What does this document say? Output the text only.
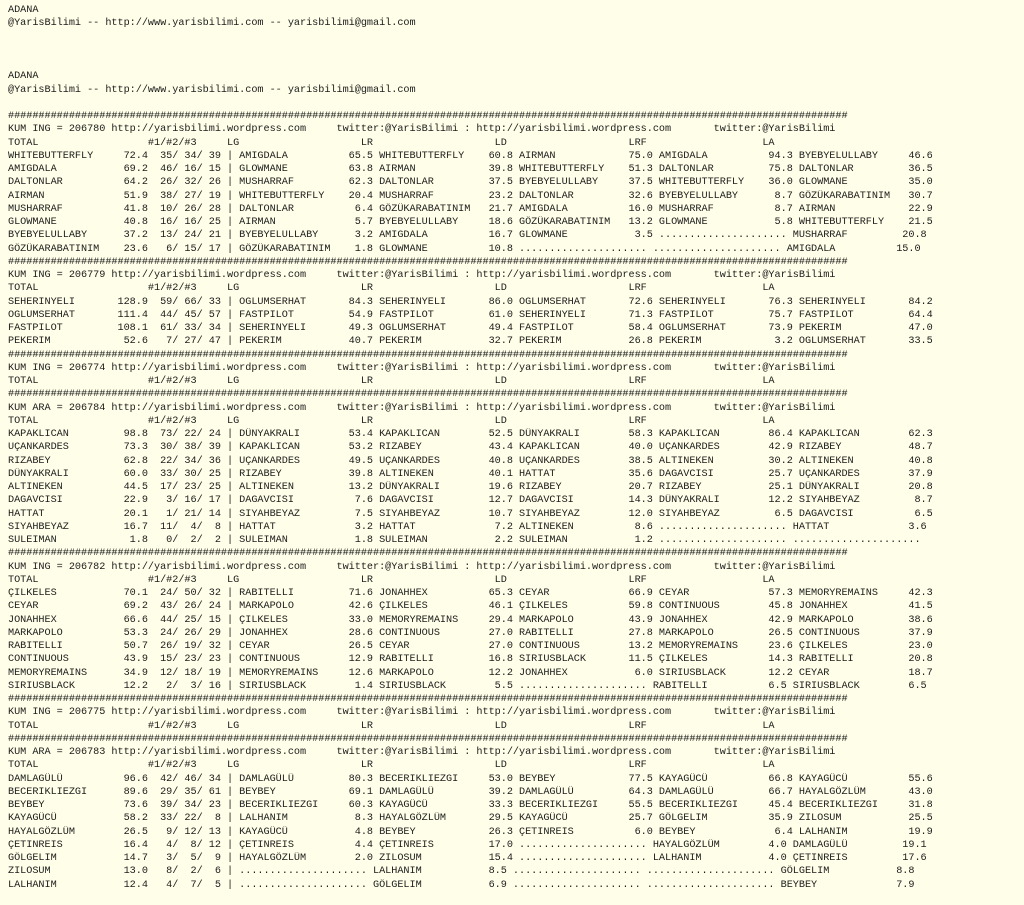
ADANA
@YarisBilimi -- http://www.yarisbilimi.com -- yarisbilimi@gmail.com
ADANA
@YarisBilimi -- http://www.yarisbilimi.com -- yarisbilimi@gmail.com
##########################################################################################################################################
KUM ING = 206780 http://yarisbilimi.wordpress.com     twitter:@YarisBilimi : http://yarisbilimi.wordpress.com       twitter:@YarisBilimi
TOTAL                  #1/#2/#3     LG                    LR                    LD                    LRF                   LA
WHITEBUTTERFLY     72.4  35/ 34/ 39 | AMIGDALA          65.5 WHITEBUTTERFLY    60.8 AIRMAN            75.0 AMIGDALA          94.3 BYEBYELULLABY     46.6
AMIGDALA           69.2  46/ 16/ 15 | GLOWMANE          63.8 AIRMAN            39.8 WHITEBUTTERFLY    51.3 DALTONLAR         75.8 DALTONLAR         36.5
DALTONLAR          64.2  26/ 32/ 26 | MUSHARRAF         62.3 DALTONLAR         37.5 BYEBYELULLABY     37.5 WHITEBUTTERFLY    36.0 GLOWMANE          35.0
AIRMAN             51.9  38/ 27/ 19 | WHITEBUTTERFLY    20.4 MUSHARRAF         23.2 DALTONLAR         32.6 BYEBYELULLABY      8.7 GÖZÜKARABATINIM   30.7
MUSHARRAF          41.8  10/ 26/ 28 | DALTONLAR          6.4 GÖZÜKARABATINIM   21.7 AMIGDALA          16.0 MUSHARRAF          8.7 AIRMAN            22.9
GLOWMANE           40.8  16/ 16/ 25 | AIRMAN             5.7 BYEBYELULLABY     18.6 GÖZÜKARABATINIM   13.2 GLOWMANE           5.8 WHITEBUTTERFLY    21.5
BYEBYELULLABY      37.2  13/ 24/ 21 | BYEBYELULLABY      3.2 AMIGDALA          16.7 GLOWMANE           3.5 ..................... MUSHARRAF         20.8
GÖZÜKARABATINIM    23.6   6/ 15/ 17 | GÖZÜKARABATINIM    1.8 GLOWMANE          10.8 ..................... ..................... AMIGDALA          15.0
##########################################################################################################################################
KUM ING = 206779 http://yarisbilimi.wordpress.com     twitter:@YarisBilimi : http://yarisbilimi.wordpress.com       twitter:@YarisBilimi
TOTAL                  #1/#2/#3     LG                    LR                    LD                    LRF                   LA
SEHERINYELI       128.9  59/ 66/ 33 | OGLUMSERHAT       84.3 SEHERINYELI       86.0 OGLUMSERHAT       72.6 SEHERINYELI       76.3 SEHERINYELI       84.2
OGLUMSERHAT       111.4  44/ 45/ 57 | FASTPILOT         54.9 FASTPILOT         61.0 SEHERINYELI       71.3 FASTPILOT         75.7 FASTPILOT         64.4
FASTPILOT         108.1  61/ 33/ 34 | SEHERINYELI       49.3 OGLUMSERHAT       49.4 FASTPILOT         58.4 OGLUMSERHAT       73.9 PEKERIM           47.0
PEKERIM            52.6   7/ 27/ 47 | PEKERIM           40.7 PEKERIM           32.7 PEKERIM           26.8 PEKERIM            3.2 OGLUMSERHAT       33.5
##########################################################################################################################################
KUM ING = 206774 http://yarisbilimi.wordpress.com     twitter:@YarisBilimi : http://yarisbilimi.wordpress.com       twitter:@YarisBilimi
TOTAL                  #1/#2/#3     LG                    LR                    LD                    LRF                   LA
##########################################################################################################################################
KUM ARA = 206784 http://yarisbilimi.wordpress.com     twitter:@YarisBilimi : http://yarisbilimi.wordpress.com       twitter:@YarisBilimi
TOTAL                  #1/#2/#3     LG                    LR                    LD                    LRF                   LA
KAPAKLICAN         98.8  73/ 22/ 24 | DÜNYAKRALI        53.4 KAPAKLICAN        52.5 DÜNYAKRALI        58.3 KAPAKLICAN        86.4 KAPAKLICAN        62.3
UÇANKARDES         73.3  30/ 38/ 39 | KAPAKLICAN        53.2 RIZABEY           43.4 KAPAKLICAN        40.0 UÇANKARDES        42.9 RIZABEY           48.7
RIZABEY            62.8  22/ 34/ 36 | UÇANKARDES        49.5 UÇANKARDES        40.8 UÇANKARDES        38.5 ALTINEKEN         30.2 ALTINEKEN         40.8
DÜNYAKRALI         60.0  33/ 30/ 25 | RIZABEY           39.8 ALTINEKEN         40.1 HATTAT            35.6 DAGAVCISI         25.7 UÇANKARDES        37.9
ALTINEKEN          44.5  17/ 23/ 25 | ALTINEKEN         13.2 DÜNYAKRALI        19.6 RIZABEY           20.7 RIZABEY           25.1 DÜNYAKRALI        20.8
DAGAVCISI          22.9   3/ 16/ 17 | DAGAVCISI          7.6 DAGAVCISI         12.7 DAGAVCISI         14.3 DÜNYAKRALI        12.2 SIYAHBEYAZ         8.7
HATTAT             20.1   1/ 21/ 14 | SIYAHBEYAZ         7.5 SIYAHBEYAZ        10.7 SIYAHBEYAZ        12.0 SIYAHBEYAZ         6.5 DAGAVCISI          6.5
SIYAHBEYAZ         16.7  11/  4/  8 | HATTAT             3.2 HATTAT             7.2 ALTINEKEN          8.6 ..................... HATTAT             3.6
SULEIMAN            1.8   0/  2/  2 | SULEIMAN           1.8 SULEIMAN           2.2 SULEIMAN           1.2 ..................... .....................
##########################################################################################################################################
KUM ING = 206782 http://yarisbilimi.wordpress.com     twitter:@YarisBilimi : http://yarisbilimi.wordpress.com       twitter:@YarisBilimi
TOTAL                  #1/#2/#3     LG                    LR                    LD                    LRF                   LA
ÇILKELES           70.1  24/ 50/ 32 | RABITELLI         71.6 JONAHHEX          65.3 CEYAR             66.9 CEYAR             57.3 MEMORYREMAINS     42.3
CEYAR              69.2  43/ 26/ 24 | MARKAPOLO         42.6 ÇILKELES          46.1 ÇILKELES          59.8 CONTINUOUS        45.8 JONAHHEX          41.5
JONAHHEX           66.6  44/ 25/ 15 | ÇILKELES          33.0 MEMORYREMAINS     29.4 MARKAPOLO         43.9 JONAHHEX          42.9 MARKAPOLO         38.6
MARKAPOLO          53.3  24/ 26/ 29 | JONAHHEX          28.6 CONTINUOUS        27.0 RABITELLI         27.8 MARKAPOLO         26.5 CONTINUOUS        37.9
RABITELLI          50.7  26/ 19/ 32 | CEYAR             26.5 CEYAR             27.0 CONTINUOUS        13.2 MEMORYREMAINS     23.6 ÇILKELES          23.0
CONTINUOUS         43.9  15/ 23/ 23 | CONTINUOUS        12.9 RABITELLI         16.8 SIRIUSBLACK       11.5 ÇILKELES          14.3 RABITELLI         20.8
MEMORYREMAINS      34.9  12/ 18/ 19 | MEMORYREMAINS     12.6 MARKAPOLO         12.2 JONAHHEX           6.0 SIRIUSBLACK       12.2 CEYAR             18.7
SIRIUSBLACK        12.2   2/  3/ 16 | SIRIUSBLACK        1.4 SIRIUSBLACK        5.5 ..................... RABITELLI          6.5 SIRIUSBLACK        6.5
##########################################################################################################################################
KUM ING = 206775 http://yarisbilimi.wordpress.com     twitter:@YarisBilimi : http://yarisbilimi.wordpress.com       twitter:@YarisBilimi
TOTAL                  #1/#2/#3     LG                    LR                    LD                    LRF                   LA
##########################################################################################################################################
KUM ARA = 206783 http://yarisbilimi.wordpress.com     twitter:@YarisBilimi : http://yarisbilimi.wordpress.com       twitter:@YarisBilimi
TOTAL                  #1/#2/#3     LG                    LR                    LD                    LRF                   LA
DAMLAGÜLÜ          96.6  42/ 46/ 34 | DAMLAGÜLÜ         80.3 BECERIKLIEZGI     53.0 BEYBEY            77.5 KAYAGÜCÜ          66.8 KAYAGÜCÜ          55.6
BECERIKLIEZGI      89.6  29/ 35/ 61 | BEYBEY            69.1 DAMLAGÜLÜ         39.2 DAMLAGÜLÜ         64.3 DAMLAGÜLÜ         66.7 HAYALGÖZLÜM       43.0
BEYBEY             73.6  39/ 34/ 23 | BECERIKLIEZGI     60.3 KAYAGÜCÜ          33.3 BECERIKLIEZGI     55.5 BECERIKLIEZGI     45.4 BECERIKLIEZGI     31.8
KAYAGÜCÜ           58.2  33/ 22/  8 | LALHANIM           8.3 HAYALGÖZLÜM       29.5 KAYAGÜCÜ          25.7 GÖLGELIM          35.9 ZILOSUM           25.5
HAYALGÖZLÜM        26.5   9/ 12/ 13 | KAYAGÜCÜ           4.8 BEYBEY            26.3 ÇETINREIS          6.0 BEYBEY             6.4 LALHANIM          19.9
ÇETINREIS          16.4   4/  8/ 12 | ÇETINREIS          4.4 ÇETINREIS         17.0 ..................... HAYALGÖZLÜM        4.0 DAMLAGÜLÜ         19.1
GÖLGELIM           14.7   3/  5/  9 | HAYALGÖZLÜM        2.0 ZILOSUM           15.4 ..................... LALHANIM           4.0 ÇETINREIS         17.6
ZILOSUM            13.0   8/  2/  6 | ..................... LALHANIM           8.5 ..................... ..................... GÖLGELIM           8.8
LALHANIM           12.4   4/  7/  5 | ..................... GÖLGELIM           6.9 ..................... ..................... BEYBEY             7.9
